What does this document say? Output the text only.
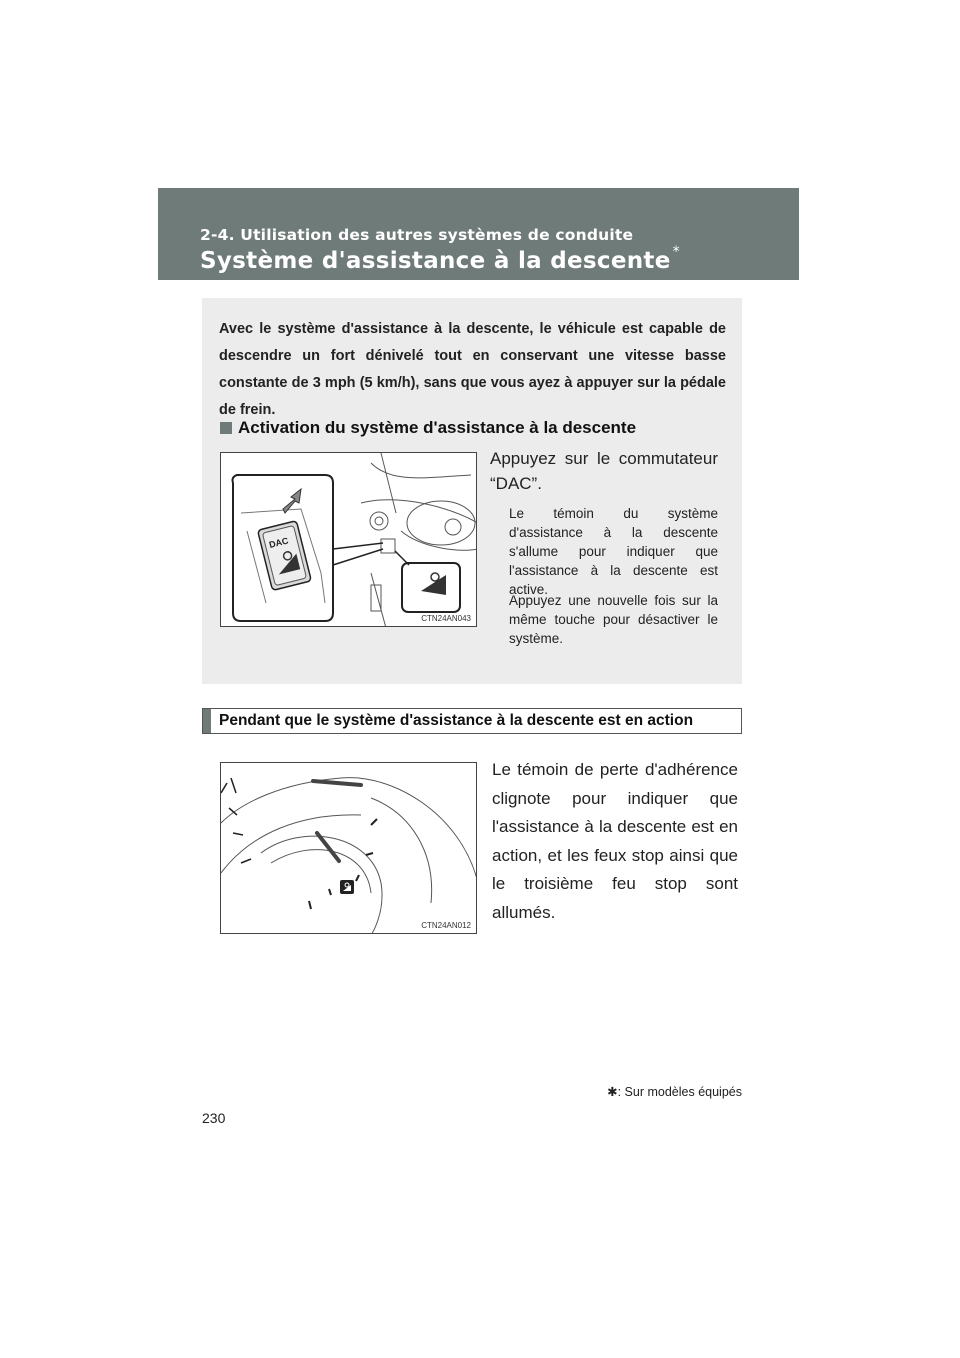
2-4. Utilisation des autres systèmes de conduite
Système d'assistance à la descente *

Avec le système d'assistance à la descente, le véhicule est capable de descendre un fort dénivelé tout en conservant une vitesse basse constante de 3 mph (5 km/h), sans que vous ayez à appuyer sur la pédale de frein.

Activation du système d'assistance à la descente

DAC
CTN24AN043

Appuyez sur le commutateur “DAC”.

Le témoin du système d'assistance à la descente s'allume pour indiquer que l'assistance à la descente est active.

Appuyez une nouvelle fois sur la même touche pour désactiver le système.

Pendant que le système d'assistance à la descente est en action
CTN24AN012

Le témoin de perte d'adhérence clignote pour indiquer que l'assistance à la descente est en action, et les feux stop ainsi que le troisième feu stop sont allumés.

✱: Sur modèles équipés
230
